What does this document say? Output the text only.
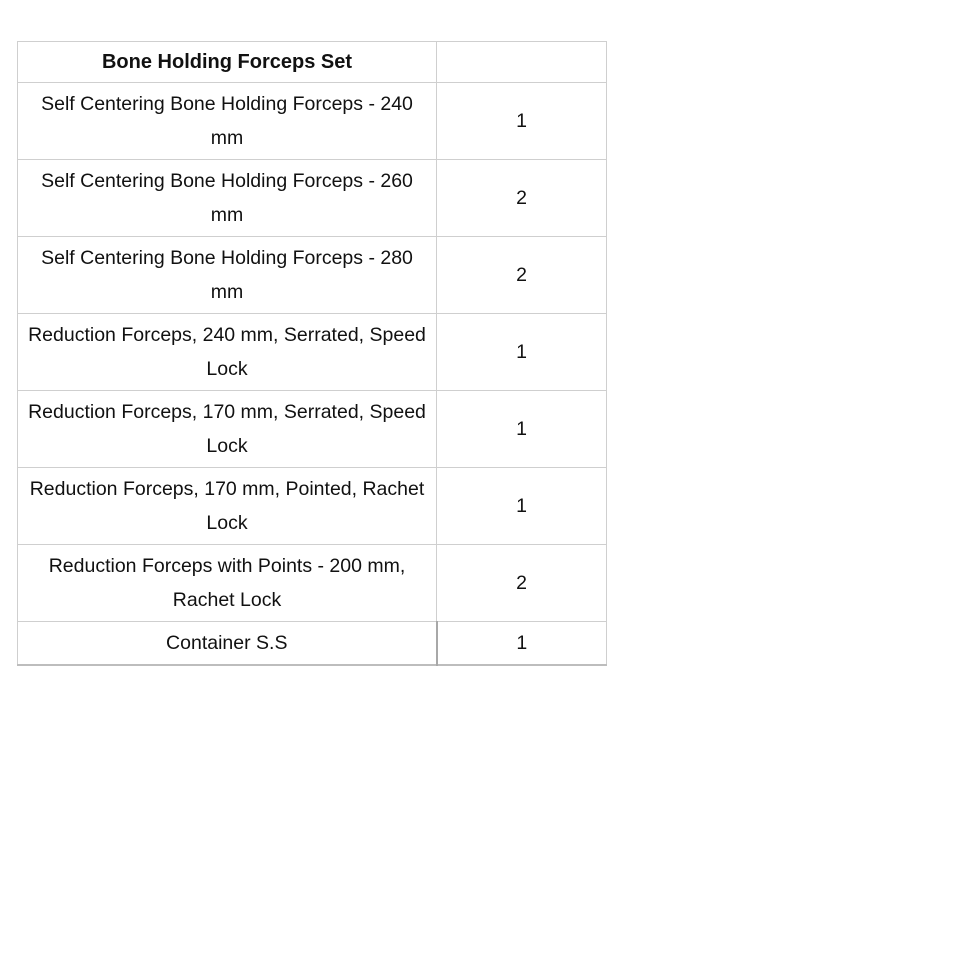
Bone Holding Forceps Set	
Self Centering Bone Holding Forceps - 240 mm	1
Self Centering Bone Holding Forceps - 260 mm	2
Self Centering Bone Holding Forceps - 280 mm	2
Reduction Forceps, 240 mm, Serrated, Speed Lock	1
Reduction Forceps, 170 mm, Serrated, Speed Lock	1
Reduction Forceps, 170 mm, Pointed, Rachet Lock	1
Reduction Forceps with Points - 200 mm, Rachet Lock	2
Container S.S	1
